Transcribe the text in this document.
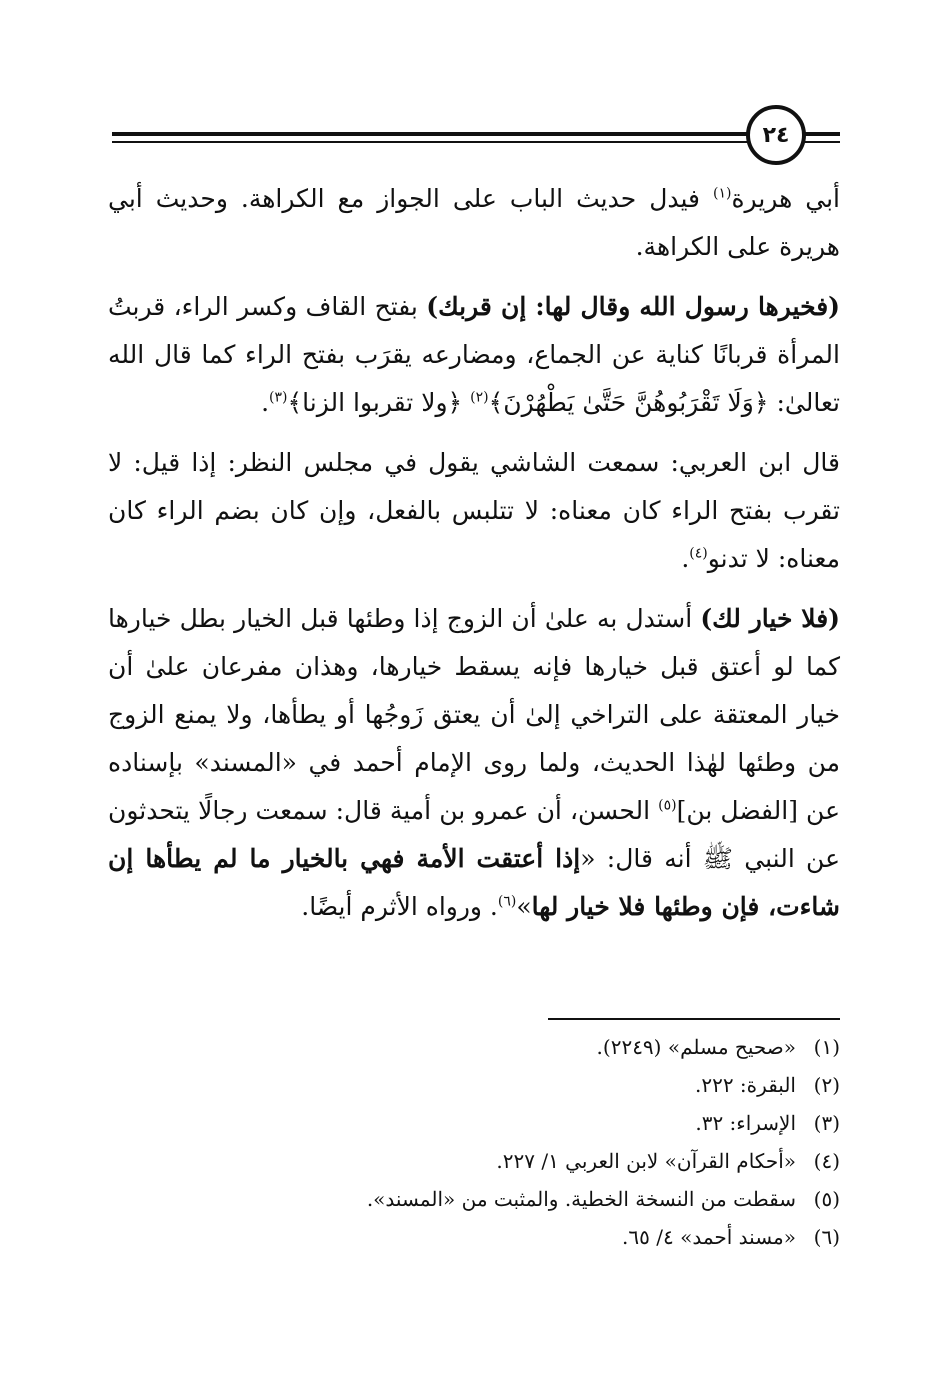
٢٤

أبي هريرة$^{(١)}$ فيدل حديث الباب على الجواز مع الكراهة. وحديث أبي هريرة على الكراهة.

(فخيرها رسول الله وقال لها: إن قربك) بفتح القاف وكسر الراء، قربتُ المرأة قربانًا كناية عن الجماع، ومضارعه يقرَب بفتح الراء كما قال الله تعالىٰ: ﴿وَلَا تَقْرَبُوهُنَّ حَتَّىٰ يَطْهُرْنَ﴾$^{(٢)}$ ﴿ولا تقربوا الزنا﴾$^{(٣)}$.

قال ابن العربي: سمعت الشاشي يقول في مجلس النظر: إذا قيل: لا تقرب بفتح الراء كان معناه: لا تتلبس بالفعل، وإن كان بضم الراء كان معناه: لا تدنو$^{(٤)}$.

(فلا خيار لك) أستدل به علىٰ أن الزوج إذا وطئها قبل الخيار بطل خيارها كما لو أعتق قبل خيارها فإنه يسقط خيارها، وهذان مفرعان علىٰ أن خيار المعتقة على التراخي إلىٰ أن يعتق زَوجُها أو يطأها، ولا يمنع الزوج من وطئها لهٰذا الحديث، ولما روى الإمام أحمد في «المسند» بإسناده عن [الفضل بن]$^{(٥)}$ الحسن، أن عمرو بن أمية قال: سمعت رجالًا يتحدثون عن النبي ﷺ أنه قال: «إذا أعتقت الأمة فهي بالخيار ما لم يطأها إن شاءت، فإن وطئها فلا خيار لها»$^{(٦)}$. ورواه الأثرم أيضًا.

(١)«صحيح مسلم» (٢٢٤٩).
(٢)البقرة: ٢٢٢.
(٣)الإسراء: ٣٢.
(٤)«أحكام القرآن» لابن العربي ١/ ٢٢٧.
(٥)سقطت من النسخة الخطية. والمثبت من «المسند».
(٦)«مسند أحمد» ٤/ ٦٥.
